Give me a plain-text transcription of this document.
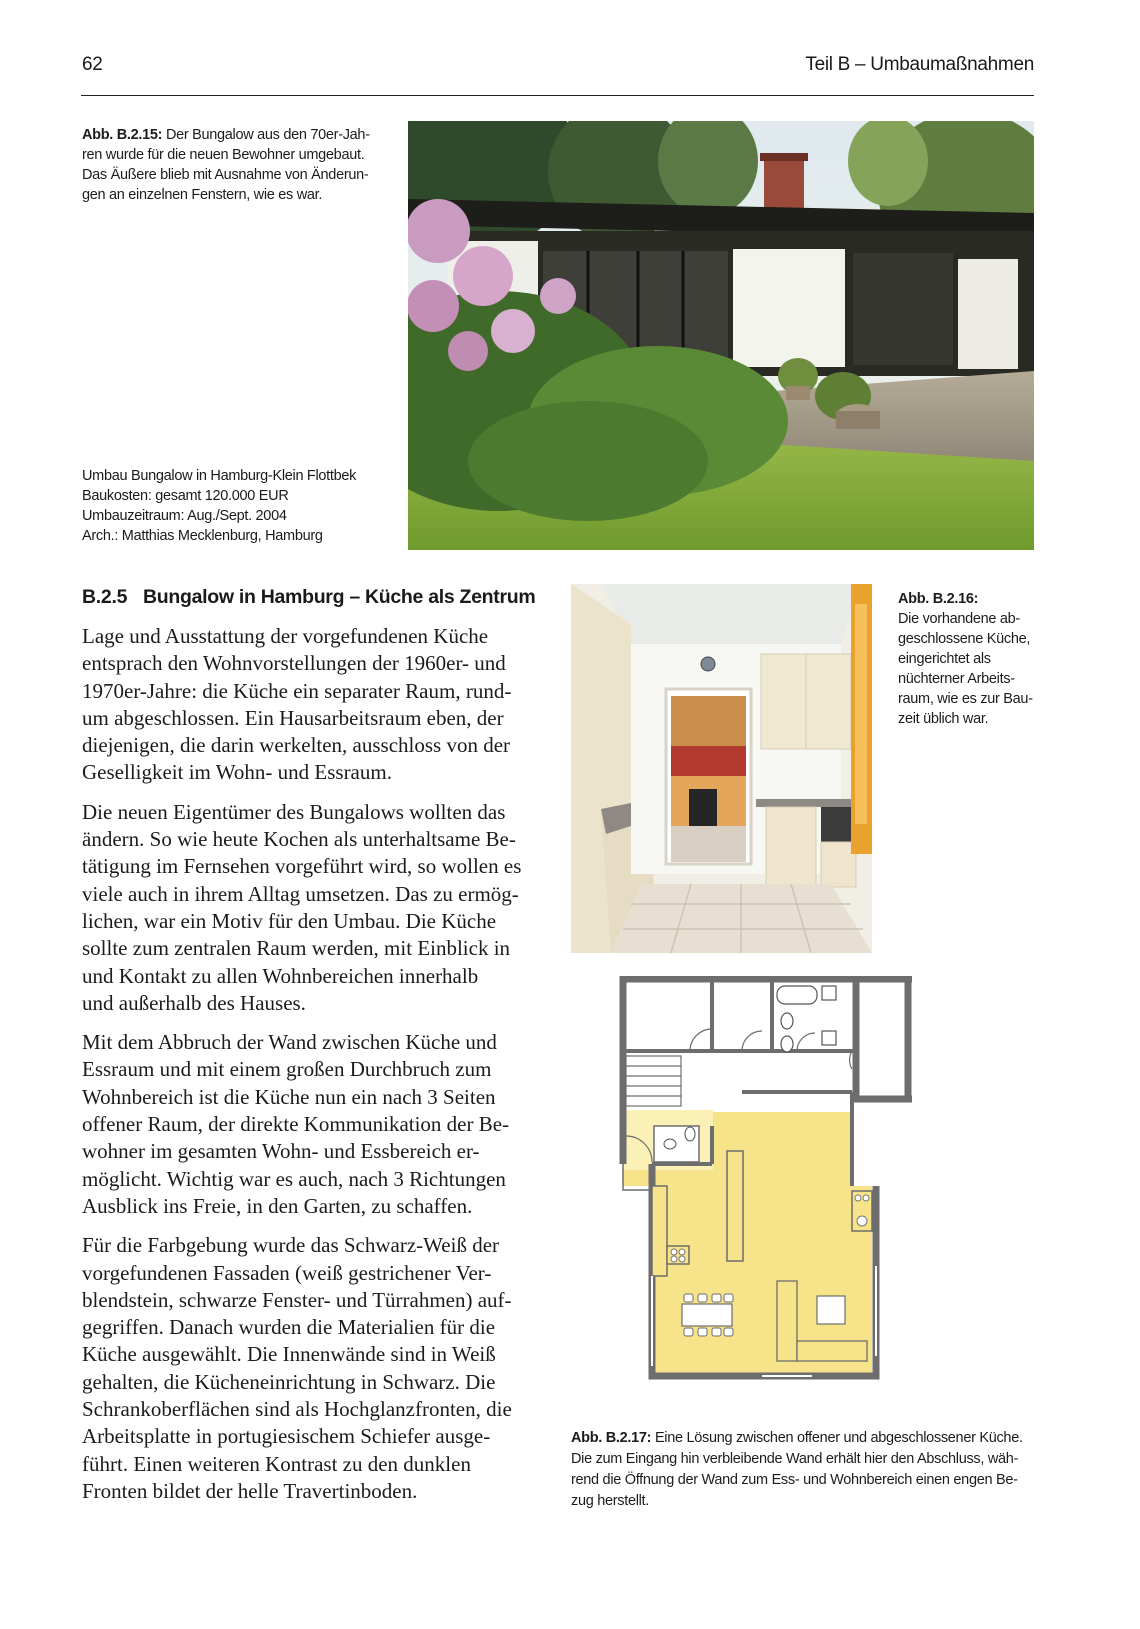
62	Teil B – Umbaumaßnahmen
Abb. B.2.15: Der Bungalow aus den 70er-Jah-
ren wurde für die neuen Bewohner umgebaut.
Das Äußere blieb mit Ausnahme von Änderun-
gen an einzelnen Fenstern, wie es war.
Umbau Bungalow in Hamburg-Klein Flottbek
Baukosten: gesamt 120.000 EUR
Umbauzeitraum: Aug./Sept. 2004
Arch.: Matthias Mecklenburg, Hamburg
B.2.5 Bungalow in Hamburg – Küche als Zentrum

Lage und Ausstattung der vorgefundenen Küche
entsprach den Wohnvorstellungen der 1960er- und
1970er-Jahre: die Küche ein separater Raum, rund-
um abgeschlossen. Ein Hausarbeitsraum eben, der
diejenigen, die darin werkelten, ausschloss von der
Geselligkeit im Wohn- und Essraum.

Die neuen Eigentümer des Bungalows wollten das
ändern. So wie heute Kochen als unterhaltsame Be-
tätigung im Fernsehen vorgeführt wird, so wollen es
viele auch in ihrem Alltag umsetzen. Das zu ermög-
lichen, war ein Motiv für den Umbau. Die Küche
sollte zum zentralen Raum werden, mit Einblick in
und Kontakt zu allen Wohnbereichen innerhalb
und außerhalb des Hauses.

Mit dem Abbruch der Wand zwischen Küche und
Essraum und mit einem großen Durchbruch zum
Wohnbereich ist die Küche nun ein nach 3 Seiten
offener Raum, der direkte Kommunikation der Be-
wohner im gesamten Wohn- und Essbereich er-
möglicht. Wichtig war es auch, nach 3 Richtungen
Ausblick ins Freie, in den Garten, zu schaffen.

Für die Farbgebung wurde das Schwarz-Weiß der
vorgefundenen Fassaden (weiß gestrichener Ver-
blendstein, schwarze Fenster- und Türrahmen) auf-
gegriffen. Danach wurden die Materialien für die
Küche ausgewählt. Die Innenwände sind in Weiß
gehalten, die Kücheneinrichtung in Schwarz. Die
Schrankoberflächen sind als Hochglanzfronten, die
Arbeitsplatte in portugiesischem Schiefer ausge-
führt. Einen weiteren Kontrast zu den dunklen
Fronten bildet der helle Travertinboden.

Abb. B.2.16:
Die vorhandene ab-
geschlossene Küche,
eingerichtet als
nüchterner Arbeits-
raum, wie es zur Bau-
zeit üblich war.
Abb. B.2.17: Eine Lösung zwischen offener und abgeschlossener Küche.
Die zum Eingang hin verbleibende Wand erhält hier den Abschluss, wäh-
rend die Öffnung der Wand zum Ess- und Wohnbereich einen engen Be-
zug herstellt.
